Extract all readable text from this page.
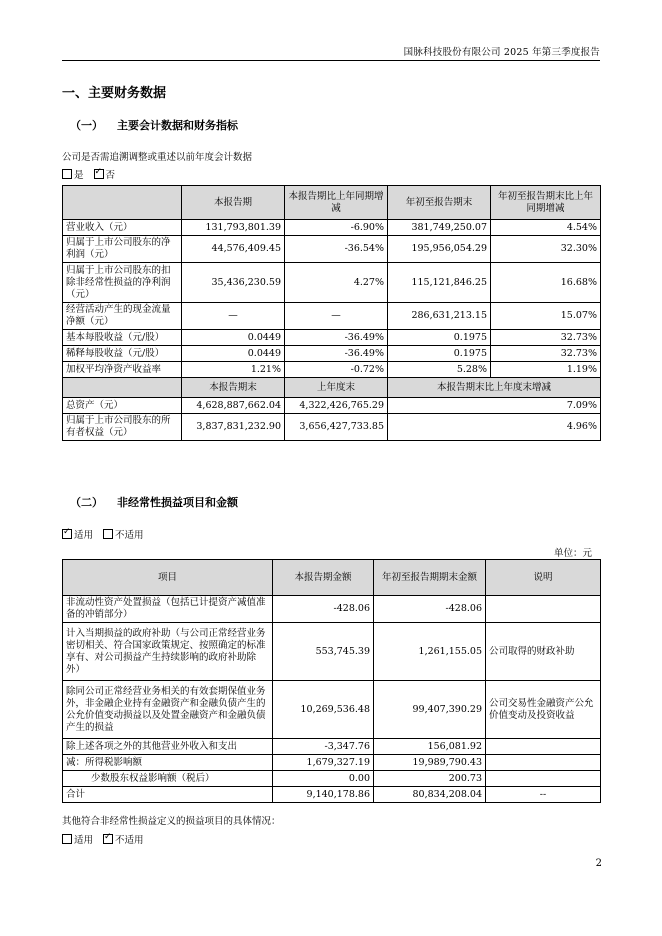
国脉科技股份有限公司 2025 年第三季度报告
一、主要财务数据
（一） 主要会计数据和财务指标
公司是否需追溯调整或重述以前年度会计数据
是 ✓ 否
	本报告期	本报告期比上年同期增减	年初至报告期末	年初至报告期末比上年同期增减
营业收入（元）	131,793,801.39	-6.90%	381,749,250.07	4.54%
归属于上市公司股东的净利润（元）	44,576,409.45	-36.54%	195,956,054.29	32.30%
归属于上市公司股东的扣除非经常性损益的净利润（元）	35,436,230.59	4.27%	115,121,846.25	16.68%
经营活动产生的现金流量净额（元）	—	—	286,631,213.15	15.07%
基本每股收益（元/股）	0.0449	-36.49%	0.1975	32.73%
稀释每股收益（元/股）	0.0449	-36.49%	0.1975	32.73%
加权平均净资产收益率	1.21%	-0.72%	5.28%	1.19%
	本报告期末	上年度末	本报告期末比上年度末增减	
总资产（元）	4,628,887,662.04	4,322,426,765.29	7.09%	
归属于上市公司股东的所有者权益（元）	3,837,831,232.90	3,656,427,733.85	4.96%	
（二） 非经常性损益项目和金额
✓适用 不适用
单位：元
项目	本报告期金额	年初至报告期期末金额	说明
非流动性资产处置损益（包括已计提资产减值准备的冲销部分）	-428.06	-428.06	
计入当期损益的政府补助（与公司正常经营业务密切相关、符合国家政策规定、按照确定的标准享有、对公司损益产生持续影响的政府补助除外）	553,745.39	1,261,155.05	公司取得的财政补助
除同公司正常经营业务相关的有效套期保值业务外，非金融企业持有金融资产和金融负债产生的公允价值变动损益以及处置金融资产和金融负债产生的损益	10,269,536.48	99,407,390.29	公司交易性金融资产公允价值变动及投资收益
除上述各项之外的其他营业外收入和支出	-3,347.76	156,081.92	
减：所得税影响额	1,679,327.19	19,989,790.43	
少数股东权益影响额（税后）	0.00	200.73	
合计	9,140,178.86	80,834,208.04	--
其他符合非经常性损益定义的损益项目的具体情况：
适用 ✓ 不适用
2
